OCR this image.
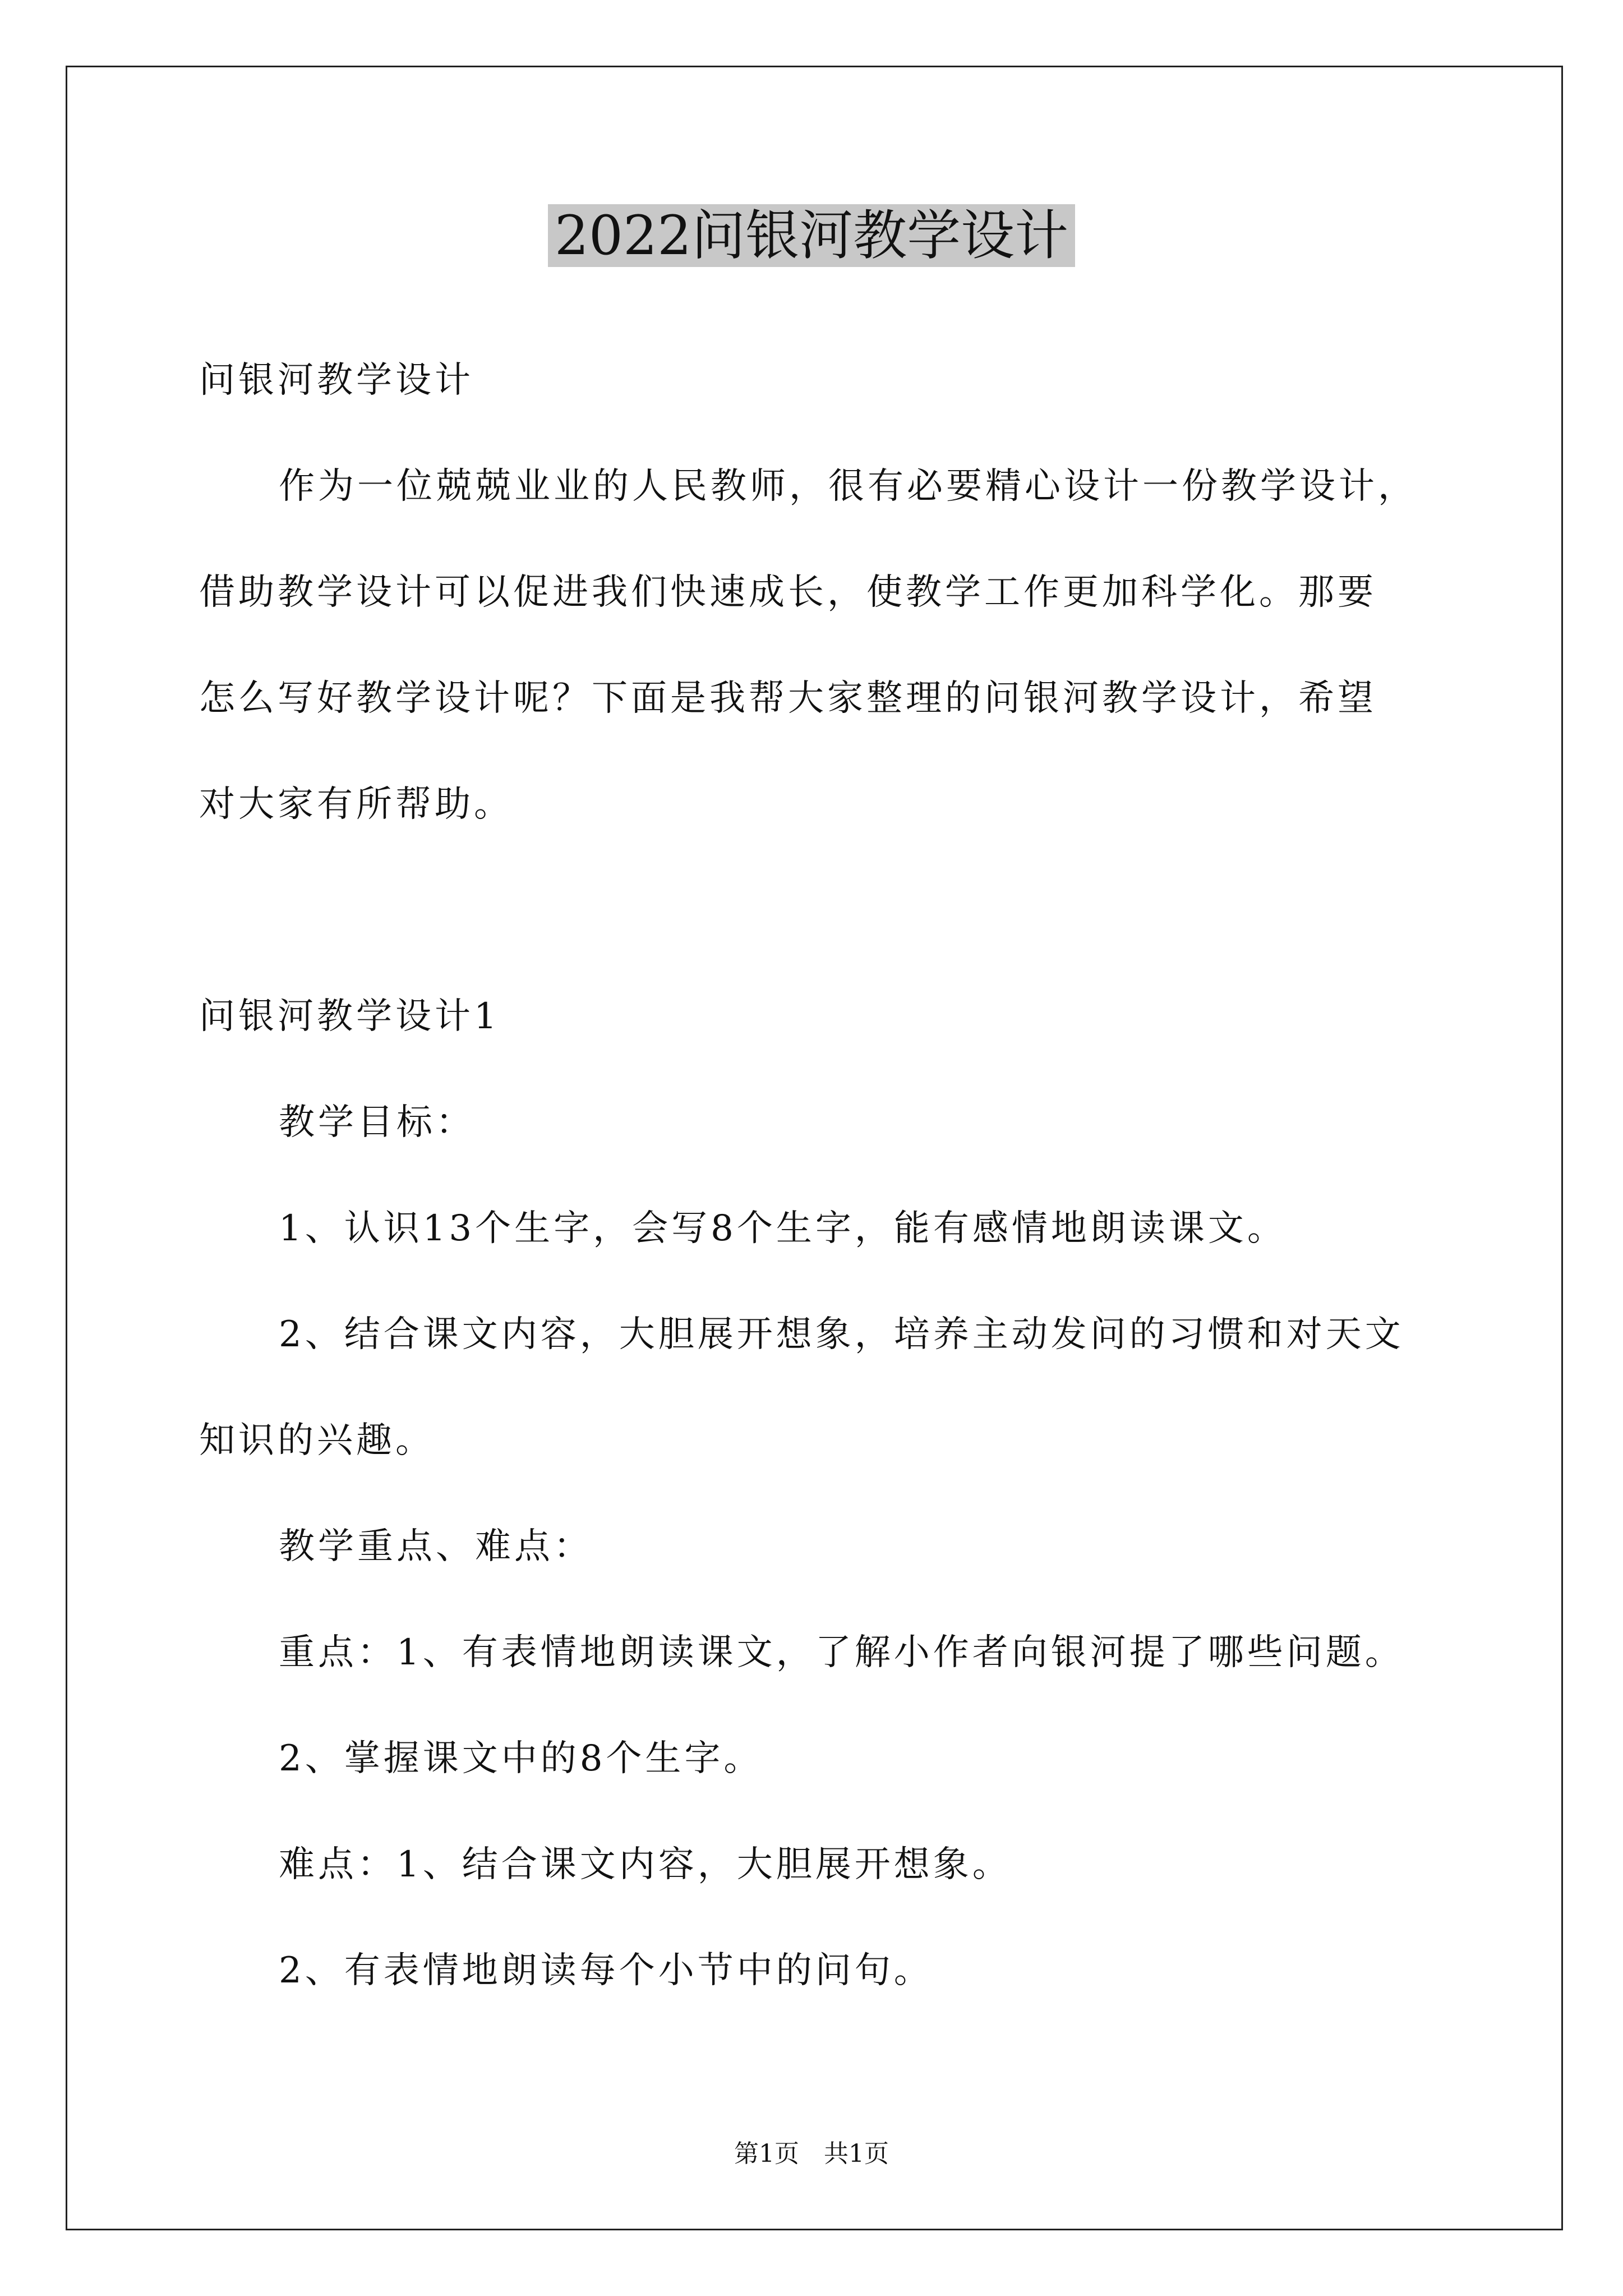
2022问银河教学设计
问银河教学设计
作为一位兢兢业业的人民教师，很有必要精心设计一份教学设计，
借助教学设计可以促进我们快速成长，使教学工作更加科学化。那要
怎么写好教学设计呢？下面是我帮大家整理的问银河教学设计，希望
对大家有所帮助。
问银河教学设计1
教学目标：
1、认识13个生字，会写8个生字，能有感情地朗读课文。
2、结合课文内容，大胆展开想象，培养主动发问的习惯和对天文
知识的兴趣。
教学重点、难点：
重点：1、有表情地朗读课文，了解小作者向银河提了哪些问题。
2、掌握课文中的8个生字。
难点：1、结合课文内容，大胆展开想象。
2、有表情地朗读每个小节中的问句。
第1页　共1页
